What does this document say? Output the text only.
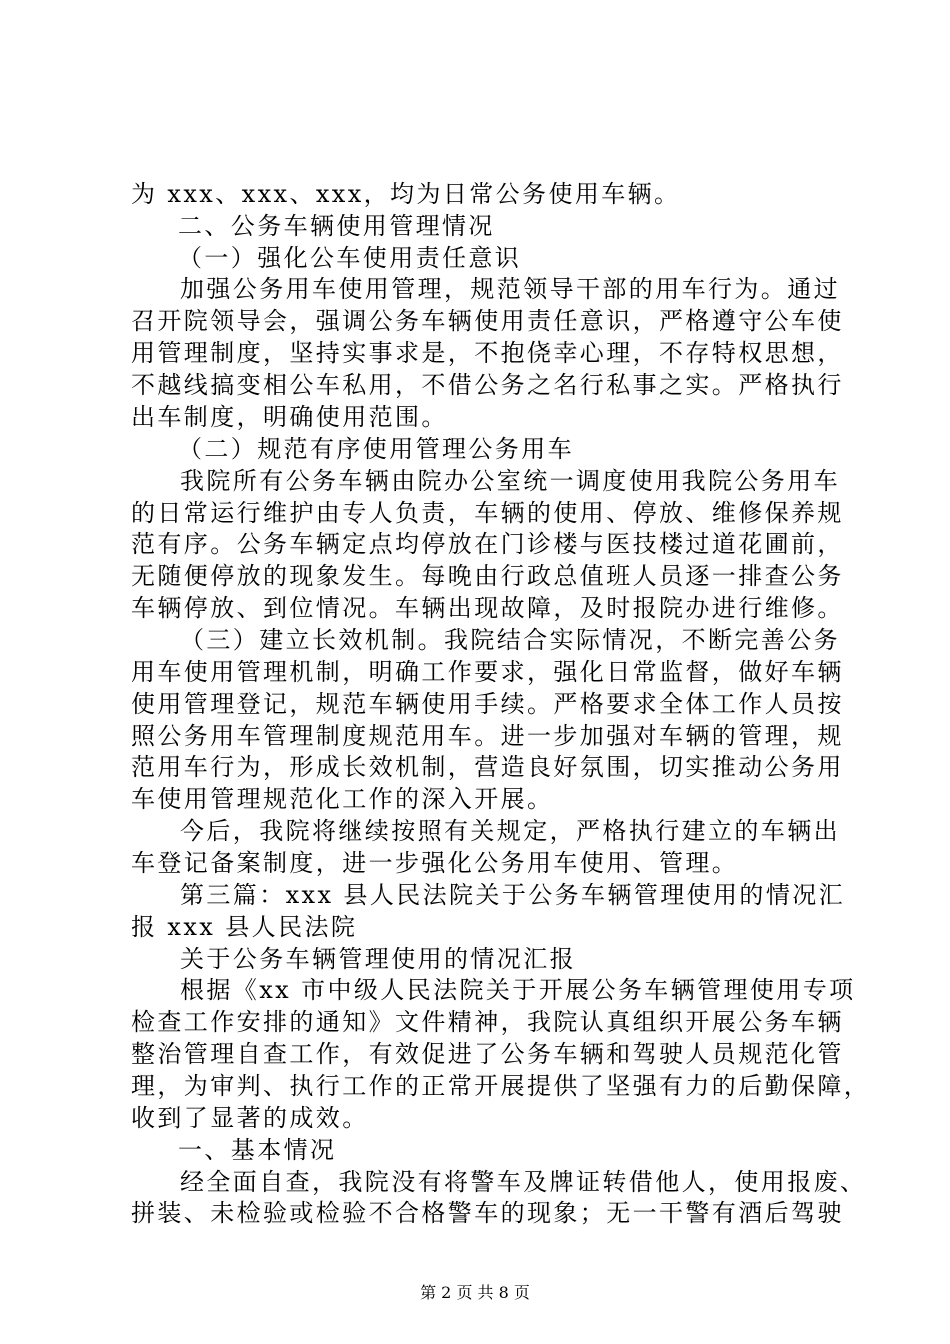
为 xxx、xxx、xxx，均为日常公务使用车辆。
二、公务车辆使用管理情况
（一）强化公车使用责任意识
加强公务用车使用管理，规范领导干部的用车行为。通过
召开院领导会，强调公务车辆使用责任意识，严格遵守公车使
用管理制度，坚持实事求是，不抱侥幸心理，不存特权思想，
不越线搞变相公车私用，不借公务之名行私事之实。严格执行
出车制度，明确使用范围。
（二）规范有序使用管理公务用车
我院所有公务车辆由院办公室统一调度使用我院公务用车
的日常运行维护由专人负责，车辆的使用、停放、维修保养规
范有序。公务车辆定点均停放在门诊楼与医技楼过道花圃前，
无随便停放的现象发生。每晚由行政总值班人员逐一排查公务
车辆停放、到位情况。车辆出现故障，及时报院办进行维修。
（三）建立长效机制。我院结合实际情况，不断完善公务
用车使用管理机制，明确工作要求，强化日常监督，做好车辆
使用管理登记，规范车辆使用手续。严格要求全体工作人员按
照公务用车管理制度规范用车。进一步加强对车辆的管理，规
范用车行为，形成长效机制，营造良好氛围，切实推动公务用
车使用管理规范化工作的深入开展。
今后，我院将继续按照有关规定，严格执行建立的车辆出
车登记备案制度，进一步强化公务用车使用、管理。
第三篇：xxx 县人民法院关于公务车辆管理使用的情况汇
报 xxx 县人民法院
关于公务车辆管理使用的情况汇报
根据《xx 市中级人民法院关于开展公务车辆管理使用专项
检查工作安排的通知》文件精神，我院认真组织开展公务车辆
整治管理自查工作，有效促进了公务车辆和驾驶人员规范化管
理，为审判、执行工作的正常开展提供了坚强有力的后勤保障，
收到了显著的成效。
一、基本情况
经全面自查，我院没有将警车及牌证转借他人，使用报废、
拼装、未检验或检验不合格警车的现象；无一干警有酒后驾驶
第 2 页 共 8 页
